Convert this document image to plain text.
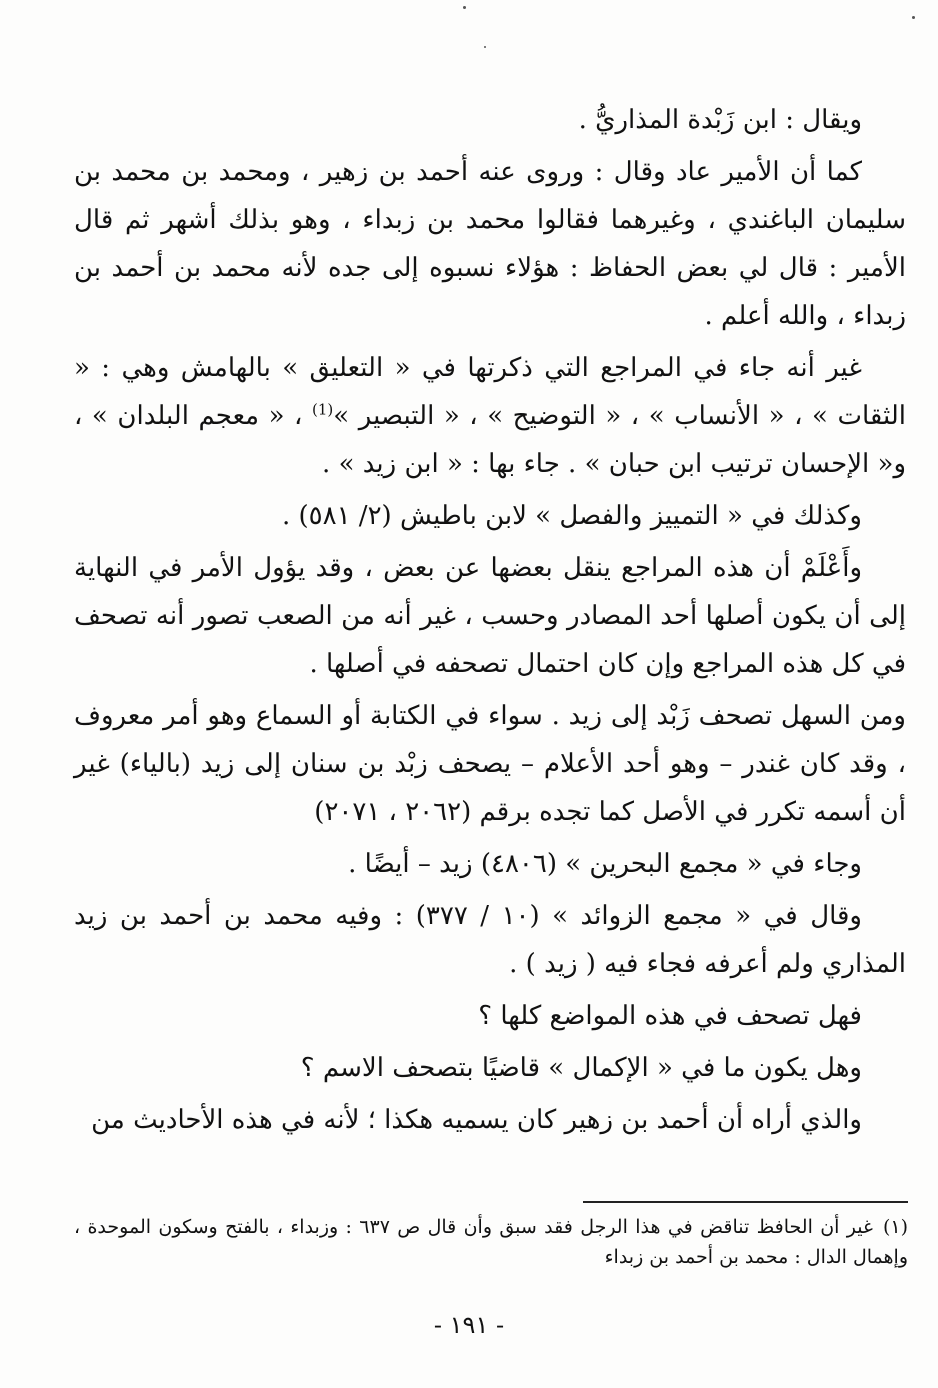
ويقال : ابن زَبْدة المذاريُّ .

كما أن الأمير عاد وقال : وروى عنه أحمد بن زهير ، ومحمد بن محمد بن سليمان الباغندي ، وغيرهما فقالوا محمد بن زبداء ، وهو بذلك أشهر ثم قال الأمير : قال لي بعض الحفاظ : هؤلاء نسبوه إلى جده لأنه محمد بن أحمد بن زبداء ، والله أعلم .

غير أنه جاء في المراجع التي ذكرتها في « التعليق » بالهامش وهي : « الثقات » ، « الأنساب » ، « التوضيح » ، « التبصير »$^{(1)}$ ، « معجم البلدان » ، و« الإحسان ترتيب ابن حبان » . جاء بها : « ابن زيد » .

وكذلك في « التمييز والفصل » لابن باطيش (٢/ ٥٨١) .

وأَعْلَمْ أن هذه المراجع ينقل بعضها عن بعض ، وقد يؤول الأمر في النهاية إلى أن يكون أصلها أحد المصادر وحسب ، غير أنه من الصعب تصور أنه تصحف في كل هذه المراجع وإن كان احتمال تصحفه في أصلها .

ومن السهل تصحف زَبْد إلى زيد . سواء في الكتابة أو السماع وهو أمر معروف ، وقد كان غندر – وهو أحد الأعلام – يصحف زبْد بن سنان إلى زيد (بالياء) غير أن أسمه تكرر في الأصل كما تجده برقم (٢٠٦٢ ، ٢٠٧١)

وجاء في « مجمع البحرين » (٤٨٠٦) زيد – أيضًا .

وقال في « مجمع الزوائد » (١٠ / ٣٧٧) : وفيه محمد بن أحمد بن زيد المذاري ولم أعرفه فجاء فيه ( زيد ) .

فهل تصحف في هذه المواضع كلها ؟

وهل يكون ما في « الإكمال » قاضيًا بتصحف الاسم ؟

والذي أراه أن أحمد بن زهير كان يسميه هكذا ؛ لأنه في هذه الأحاديث من

(١)غير أن الحافظ تناقض في هذا الرجل فقد سبق وأن قال ص ٦٣٧ : وزبداء ، بالفتح وسكون الموحدة ، وإهمال الدال : محمد بن أحمد بن زبداء
- ١٩١ -
